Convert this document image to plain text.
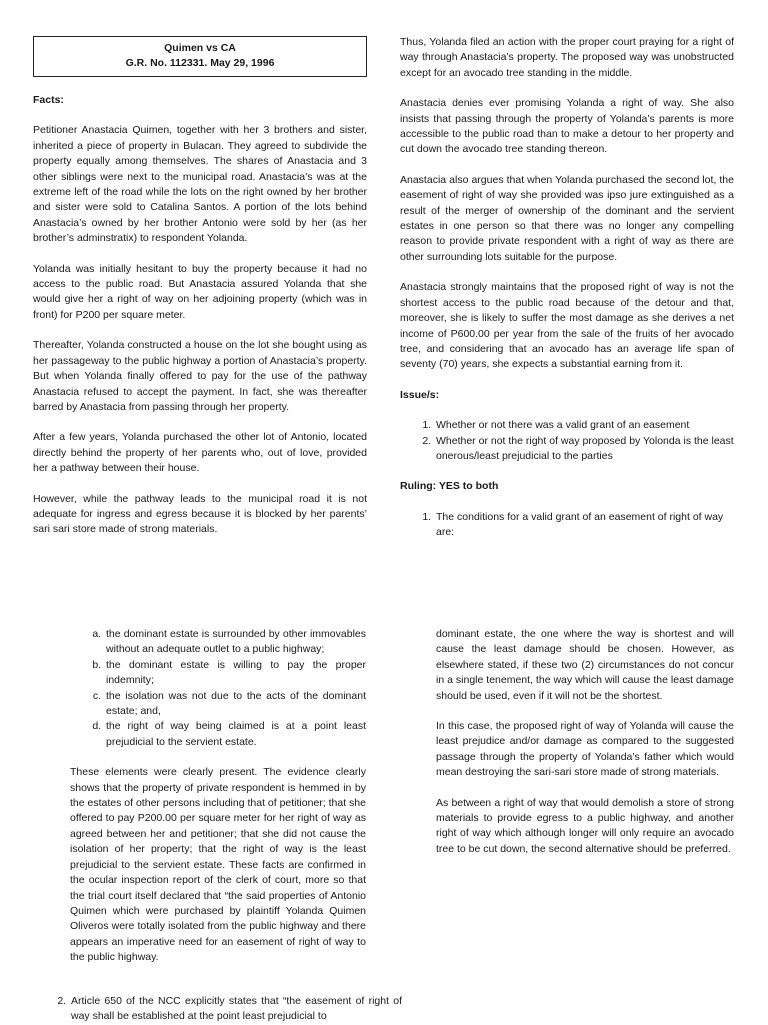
Quimen vs CA
G.R. No. 112331. May 29, 1996
Facts:

Petitioner Anastacia Quimen, together with her 3 brothers and sister, inherited a piece of property in Bulacan. They agreed to subdivide the property equally among themselves. The shares of Anastacia and 3 other siblings were next to the municipal road. Anastacia’s was at the extreme left of the road while the lots on the right owned by her brother and sister were sold to Catalina Santos. A portion of the lots behind Anastacia’s owned by her brother Antonio were sold by her (as her brother’s adminstratix) to respondent Yolanda.

Yolanda was initially hesitant to buy the property because it had no access to the public road. But Anastacia assured Yolanda that she would give her a right of way on her adjoining property (which was in front) for P200 per square meter.

Thereafter, Yolanda constructed a house on the lot she bought using as her passageway to the public highway a portion of Anastacia’s property. But when Yolanda finally offered to pay for the use of the pathway Anastacia refused to accept the payment. In fact, she was thereafter barred by Anastacia from passing through her property.

After a few years, Yolanda purchased the other lot of Antonio, located directly behind the property of her parents who, out of love, provided her a pathway between their house.

However, while the pathway leads to the municipal road it is not adequate for ingress and egress because it is blocked by her parents’ sari sari store made of strong materials.

Thus, Yolanda filed an action with the proper court praying for a right of way through Anastacia’s property. The proposed way was unobstructed except for an avocado tree standing in the middle.

Anastacia denies ever promising Yolanda a right of way. She also insists that passing through the property of Yolanda’s parents is more accessible to the public road than to make a detour to her property and cut down the avocado tree standing thereon.

Anastacia also argues that when Yolanda purchased the second lot, the easement of right of way she provided was ipso jure extinguished as a result of the merger of ownership of the dominant and the servient estates in one person so that there was no longer any compelling reason to provide private respondent with a right of way as there are other surrounding lots suitable for the purpose.

Anastacia strongly maintains that the proposed right of way is not the shortest access to the public road because of the detour and that, moreover, she is likely to suffer the most damage as she derives a net income of P600.00 per year from the sale of the fruits of her avocado tree, and considering that an avocado has an average life span of seventy (70) years, she expects a substantial earning from it.

Issue/s:
1. Whether or not there was a valid grant of an easement
2. Whether or not the right of way proposed by Yolonda is the least onerous/least prejudicial to the parties
Ruling: YES to both
1. The conditions for a valid grant of an easement of right of way are:
a. the dominant estate is surrounded by other immovables without an adequate outlet to a public highway;
b. the dominant estate is willing to pay the proper indemnity;
c. the isolation was not due to the acts of the dominant estate; and,
d. the right of way being claimed is at a point least prejudicial to the servient estate.

These elements were clearly present. The evidence clearly shows that the property of private respondent is hemmed in by the estates of other persons including that of petitioner; that she offered to pay P200.00 per square meter for her right of way as agreed between her and petitioner; that she did not cause the isolation of her property; that the right of way is the least prejudicial to the servient estate. These facts are confirmed in the ocular inspection report of the clerk of court, more so that the trial court itself declared that “the said properties of Antonio Quimen which were purchased by plaintiff Yolanda Quimen Oliveros were totally isolated from the public highway and there appears an imperative need for an easement of right of way to the public highway.

2. Article 650 of the NCC explicitly states that “the easement of right of way shall be established at the point least prejudicial to

dominant estate, the one where the way is shortest and will cause the least damage should be chosen. However, as elsewhere stated, if these two (2) circumstances do not concur in a single tenement, the way which will cause the least damage should be used, even if it will not be the shortest.

In this case, the proposed right of way of Yolanda will cause the least prejudice and/or damage as compared to the suggested passage through the property of Yolanda’s father which would mean destroying the sari-sari store made of strong materials.

As between a right of way that would demolish a store of strong materials to provide egress to a public highway, and another right of way which although longer will only require an avocado tree to be cut down, the second alternative should be preferred.
